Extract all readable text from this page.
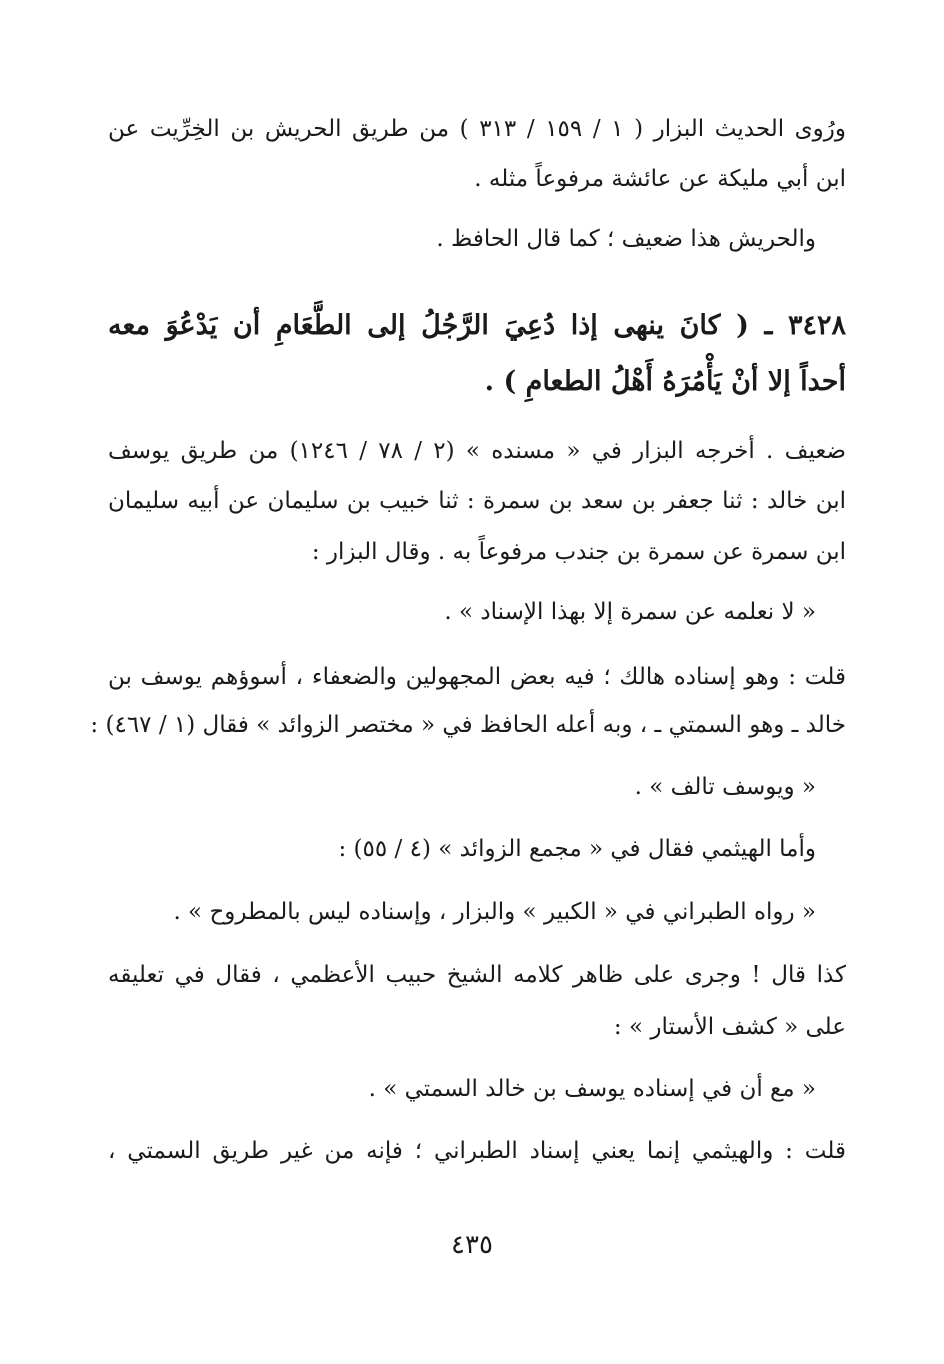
ورُوى الحديث البزار ( ١ / ١٥٩ / ٣١٣ ) من طريق الحريش بن الخِرِّيت عن
ابن أبي مليكة عن عائشة مرفوعاً مثله .
والحريش هذا ضعيف ؛ كما قال الحافظ .
٣٤٢٨ ـ ( كانَ ينهى إذا دُعِيَ الرَّجُلُ إلى الطَّعَامِ أن يَدْعُوَ معه
أحداً إلا أنْ يَأْمُرَهُ أَهْلُ الطعامِ ) .
ضعيف . أخرجه البزار في « مسنده » (٢ / ٧٨ / ١٢٤٦) من طريق يوسف
ابن خالد : ثنا جعفر بن سعد بن سمرة : ثنا خبيب بن سليمان عن أبيه سليمان
ابن سمرة عن سمرة بن جندب مرفوعاً به . وقال البزار :
« لا نعلمه عن سمرة إلا بهذا الإسناد » .
قلت : وهو إسناده هالك ؛ فيه بعض المجهولين والضعفاء ، أسوؤهم يوسف بن
خالد ـ وهو السمتي ـ ، وبه أعله الحافظ في « مختصر الزوائد » فقال (١ / ٤٦٧) :
« ويوسف تالف » .
وأما الهيثمي فقال في « مجمع الزوائد » (٤ / ٥٥) :
« رواه الطبراني في « الكبير » والبزار ، وإسناده ليس بالمطروح » .
كذا قال ! وجرى على ظاهر كلامه الشيخ حبيب الأعظمي ، فقال في تعليقه
على « كشف الأستار » :
« مع أن في إسناده يوسف بن خالد السمتي » .
قلت : والهيثمي إنما يعني إسناد الطبراني ؛ فإنه من غير طريق السمتي ،
٤٣٥
